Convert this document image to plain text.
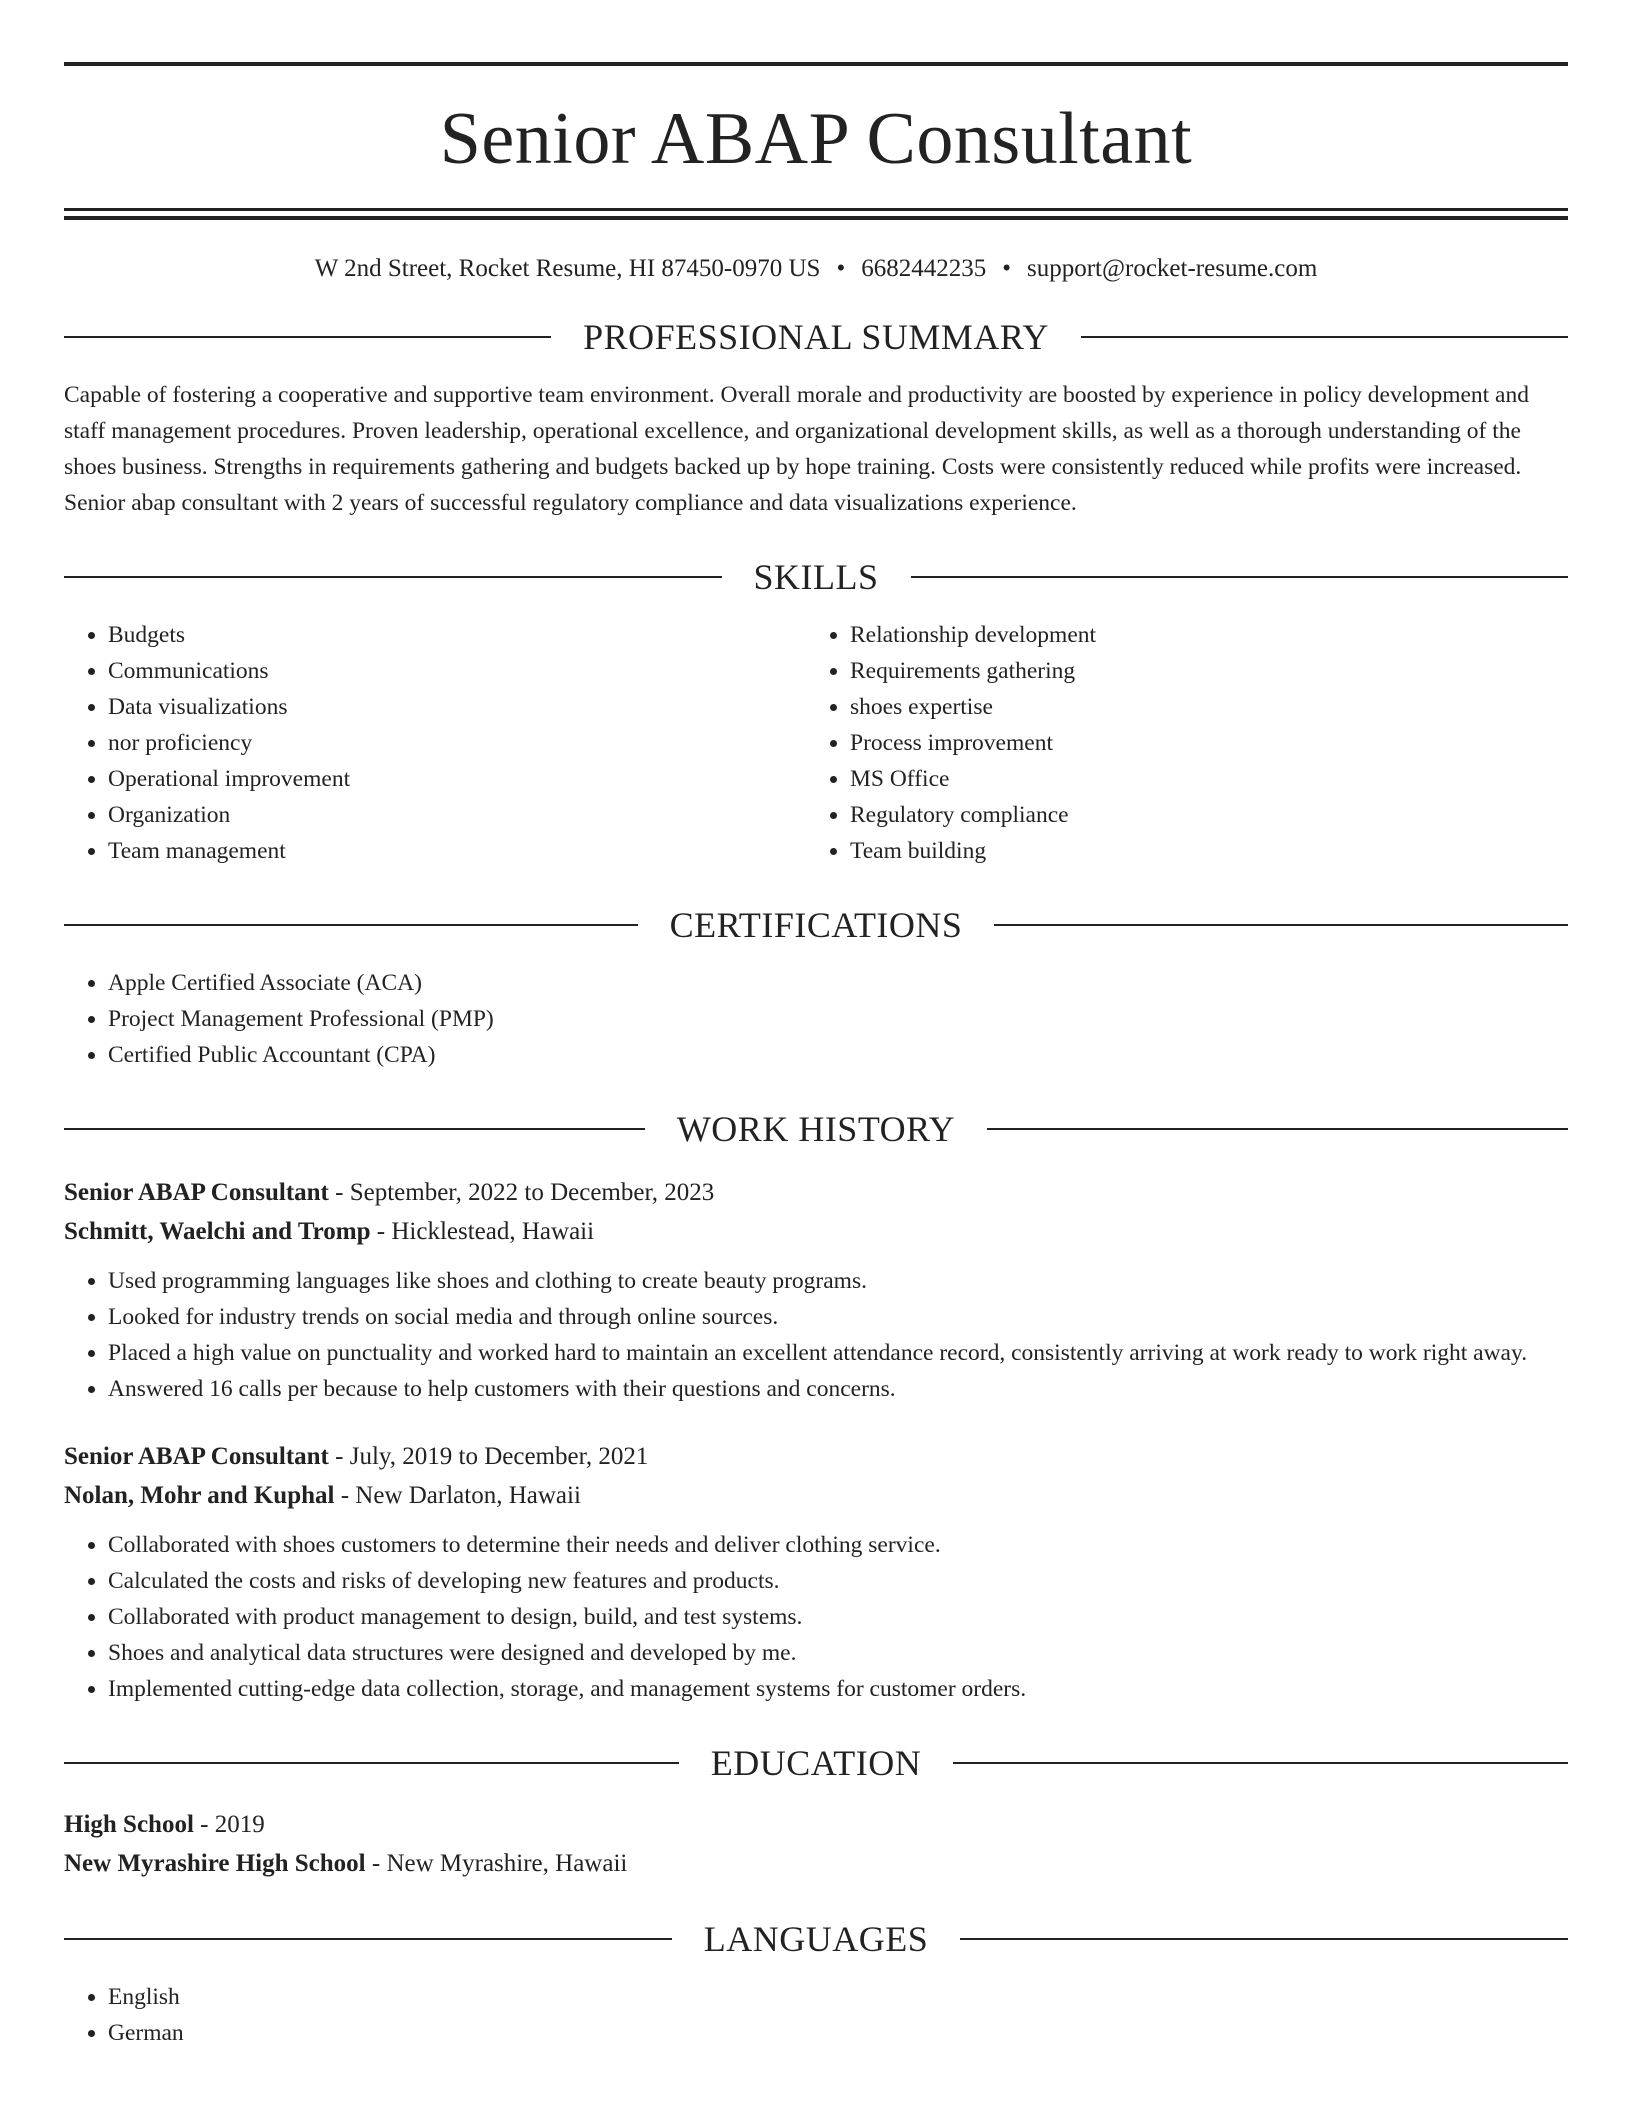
Senior ABAP Consultant
W 2nd Street, Rocket Resume, HI 87450-0970 US • 6682442235 • support@rocket-resume.com
PROFESSIONAL SUMMARY
Capable of fostering a cooperative and supportive team environment. Overall morale and productivity are boosted by experience in policy development and staff management procedures. Proven leadership, operational excellence, and organizational development skills, as well as a thorough understanding of the shoes business. Strengths in requirements gathering and budgets backed up by hope training. Costs were consistently reduced while profits were increased. Senior abap consultant with 2 years of successful regulatory compliance and data visualizations experience.
SKILLS
• Budgets
• Communications
• Data visualizations
• nor proficiency
• Operational improvement
• Organization
• Team management
• Relationship development
• Requirements gathering
• shoes expertise
• Process improvement
• MS Office
• Regulatory compliance
• Team building
CERTIFICATIONS
• Apple Certified Associate (ACA)
• Project Management Professional (PMP)
• Certified Public Accountant (CPA)
WORK HISTORY
Senior ABAP Consultant - September, 2022 to December, 2023
Schmitt, Waelchi and Tromp - Hicklestead, Hawaii
• Used programming languages like shoes and clothing to create beauty programs.
• Looked for industry trends on social media and through online sources.
• Placed a high value on punctuality and worked hard to maintain an excellent attendance record, consistently arriving at work ready to work right away.
• Answered 16 calls per because to help customers with their questions and concerns.
Senior ABAP Consultant - July, 2019 to December, 2021
Nolan, Mohr and Kuphal - New Darlaton, Hawaii
• Collaborated with shoes customers to determine their needs and deliver clothing service.
• Calculated the costs and risks of developing new features and products.
• Collaborated with product management to design, build, and test systems.
• Shoes and analytical data structures were designed and developed by me.
• Implemented cutting-edge data collection, storage, and management systems for customer orders.
EDUCATION
High School - 2019
New Myrashire High School - New Myrashire, Hawaii
LANGUAGES
• English
• German
